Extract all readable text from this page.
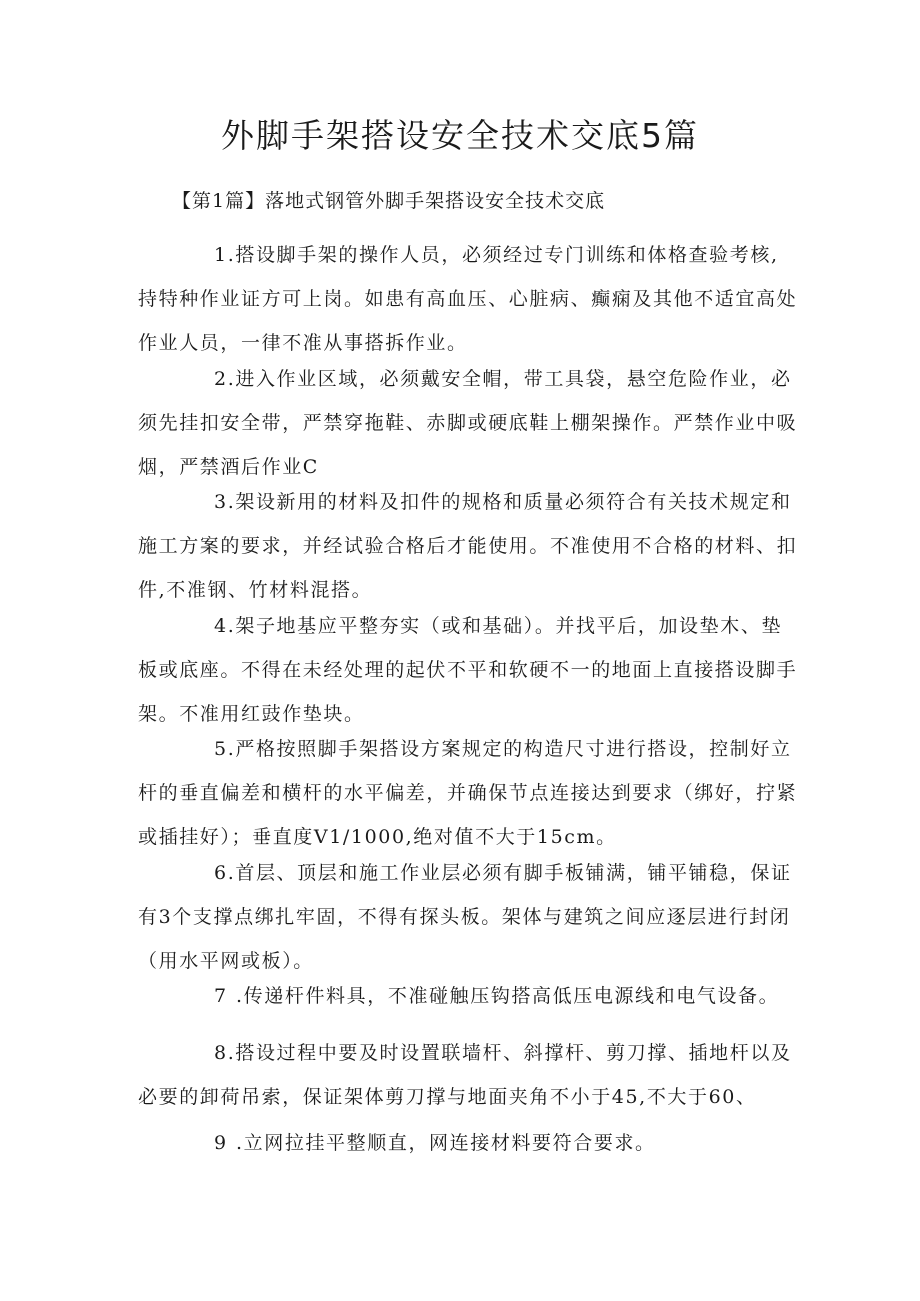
外脚手架搭设安全技术交底5篇

【第1篇】落地式钢管外脚手架搭设安全技术交底

1.搭设脚手架的操作人员，必须经过专门训练和体格查验考核,持特种作业证方可上岗。如患有高血压、心脏病、癫痫及其他不适宜高处作业人员，一律不准从事搭拆作业。

2.进入作业区域，必须戴安全帽，带工具袋，悬空危险作业，必须先挂扣安全带，严禁穿拖鞋、赤脚或硬底鞋上棚架操作。严禁作业中吸烟，严禁酒后作业C

3.架设新用的材料及扣件的规格和质量必须符合有关技术规定和施工方案的要求，并经试验合格后才能使用。不准使用不合格的材料、扣件,不准钢、竹材料混搭。

4.架子地基应平整夯实（或和基础）。并找平后，加设垫木、垫板或底座。不得在未经处理的起伏不平和软硬不一的地面上直接搭设脚手架。不准用红豉作垫块。

5.严格按照脚手架搭设方案规定的构造尺寸进行搭设，控制好立杆的垂直偏差和横杆的水平偏差，并确保节点连接达到要求（绑好，拧紧或插挂好）；垂直度V1/1000,绝对值不大于15cm。

6.首层、顶层和施工作业层必须有脚手板铺满，铺平铺稳，保证有3个支撑点绑扎牢固，不得有探头板。架体与建筑之间应逐层进行封闭（用水平网或板）。

7 .传递杆件料具，不准碰触压钩搭高低压电源线和电气设备。

8.搭设过程中要及时设置联墙杆、斜撑杆、剪刀撑、插地杆以及必要的卸荷吊索，保证架体剪刀撑与地面夹角不小于45,不大于60、

9 .立网拉挂平整顺直，网连接材料要符合要求。
